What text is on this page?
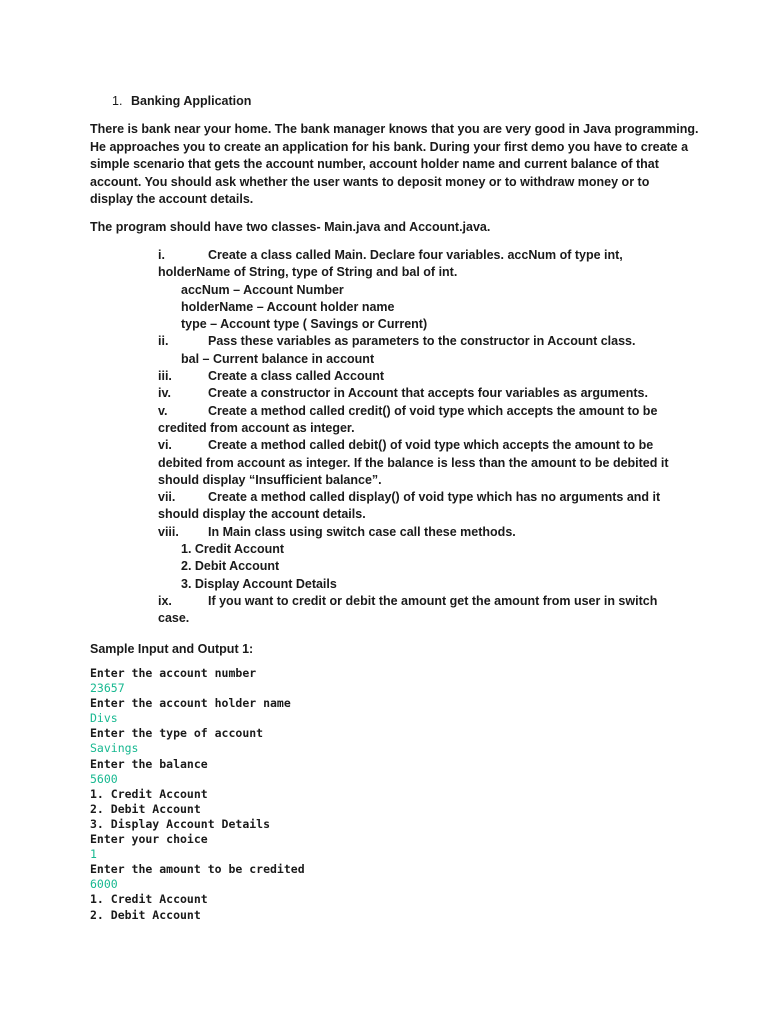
1. Banking Application
There is bank near your home. The bank manager knows that you are very good in Java programming.
He approaches you to create an application for his bank. During your first demo you have to create a
simple scenario that gets the account number, account holder name and current balance of that
account. You should ask whether the user wants to deposit money or to withdraw money or to
display the account details.
The program should have two classes- Main.java and Account.java.
i.	Create a class called Main. Declare four variables. accNum of type int,
holderName of String, type of String and bal of int.
accNum – Account Number
holderName – Account holder name
type – Account type ( Savings or Current)
ii.	Pass these variables as parameters to the constructor in Account class.
bal – Current balance in account
iii.	Create a class called Account
iv.	Create a constructor in Account that accepts four variables as arguments.
v.	Create a method called credit() of void type which accepts the amount to be
credited from account as integer.
vi.	Create a method called debit() of void type which accepts the amount to be
debited from account as integer. If the balance is less than the amount to be debited it
should display “Insufficient balance”.
vii.	Create a method called display() of void type which has no arguments and it
should display the account details.
viii. In Main class using switch case call these methods.
1. Credit Account
2. Debit Account
3. Display Account Details
ix.	If you want to credit or debit the amount get the amount from user in switch
case.
Sample Input and Output 1:
Enter the account number
23657
Enter the account holder name
Divs
Enter the type of account
Savings
Enter the balance
5600
1. Credit Account
2. Debit Account
3. Display Account Details
Enter your choice
1
Enter the amount to be credited
6000
1. Credit Account
2. Debit Account
